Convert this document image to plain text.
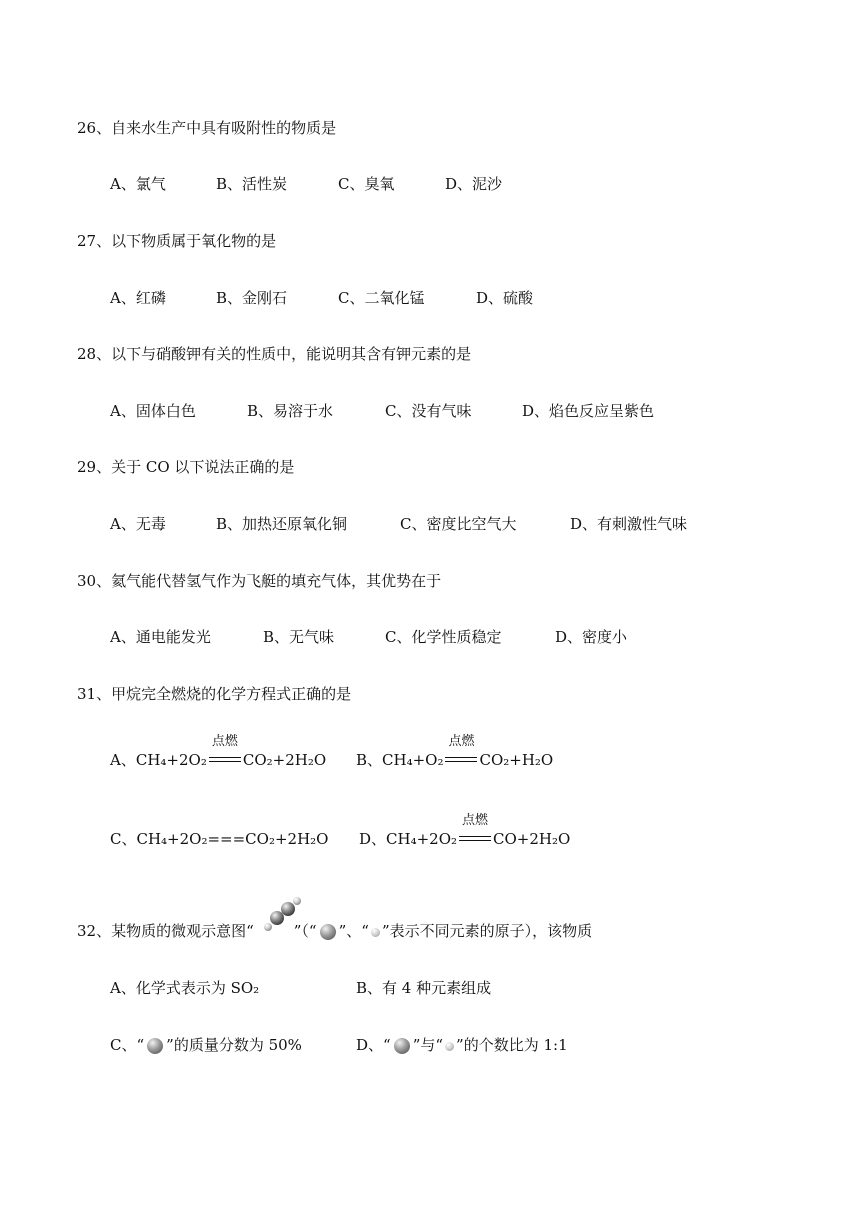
26、自来水生产中具有吸附性的物质是
A、氯气	B、活性炭	C、臭氧	D、泥沙
27、以下物质属于氧化物的是
A、红磷	B、金刚石	C、二氧化锰	D、硫酸
28、以下与硝酸钾有关的性质中，能说明其含有钾元素的是
A、固体白色	B、易溶于水	C、没有气味	D、焰色反应呈紫色
29、关于 CO 以下说法正确的是
A、无毒	B、加热还原氧化铜	C、密度比空气大	D、有刺激性气味
30、氦气能代替氢气作为飞艇的填充气体，其优势在于
A、通电能发光	B、无气味	C、化学性质稳定	D、密度小
31、甲烷完全燃烧的化学方程式正确的是
A、CH₄+2O₂
点燃
CO₂+2H₂O B、CH₄+O₂
点燃
CO₂+H₂O
C、CH₄+2O₂===CO₂+2H₂O D、CH₄+2O₂
点燃
CO+2H₂O
32、某物质的微观示意图“	”（“ ”、“ ”表示不同元素的原子），该物质
A、化学式表示为 SO₂	B、有 4 种元素组成
C、“ ”的质量分数为 50%	D、“ ”与“ ”的个数比为 1:1
